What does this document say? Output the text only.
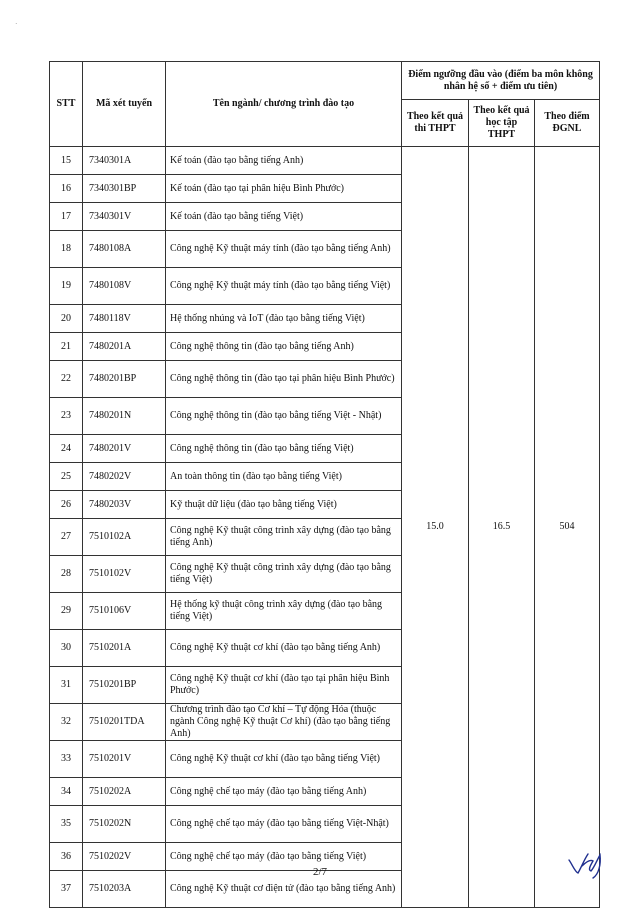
˙
STT	Mã xét tuyển	Tên ngành/ chương trình đào tạo	Điểm ngưỡng đầu vào (điểm ba môn không nhân hệ số + điểm ưu tiên)		
			Theo kết quả thi THPT	Theo kết quả học tập THPT	Theo điểm ĐGNL
15	7340301A	Kế toán (đào tạo bằng tiếng Anh)	15.0	16.5	504
16	7340301BP	Kế toán (đào tạo tại phân hiệu Bình Phước)			
17	7340301V	Kế toán (đào tạo bằng tiếng Việt)			
18	7480108A	Công nghệ Kỹ thuật máy tính (đào tạo bằng tiếng Anh)			
19	7480108V	Công nghệ Kỹ thuật máy tính (đào tạo bằng tiếng Việt)			
20	7480118V	Hệ thống nhúng và IoT (đào tạo bằng tiếng Việt)			
21	7480201A	Công nghệ thông tin (đào tạo bằng tiếng Anh)			
22	7480201BP	Công nghệ thông tin (đào tạo tại phân hiệu Bình Phước)			
23	7480201N	Công nghệ thông tin (đào tạo bằng tiếng Việt - Nhật)			
24	7480201V	Công nghệ thông tin (đào tạo bằng tiếng Việt)			
25	7480202V	An toàn thông tin (đào tạo bằng tiếng Việt)			
26	7480203V	Kỹ thuật dữ liệu (đào tạo bằng tiếng Việt)			
27	7510102A	Công nghệ Kỹ thuật công trình xây dựng (đào tạo bằng tiếng Anh)			
28	7510102V	Công nghệ Kỹ thuật công trình xây dựng (đào tạo bằng tiếng Việt)			
29	7510106V	Hệ thống kỹ thuật công trình xây dựng (đào tạo bằng tiếng Việt)			
30	7510201A	Công nghệ Kỹ thuật cơ khí (đào tạo bằng tiếng Anh)			
31	7510201BP	Công nghệ Kỹ thuật cơ khí (đào tạo tại phân hiệu Bình Phước)			
32	7510201TDA	Chương trình đào tạo Cơ khí – Tự động Hóa (thuộc ngành Công nghệ Kỹ thuật Cơ khí) (đào tạo bằng tiếng Anh)			
33	7510201V	Công nghệ Kỹ thuật cơ khí (đào tạo bằng tiếng Việt)			
34	7510202A	Công nghệ chế tạo máy (đào tạo bằng tiếng Anh)			
35	7510202N	Công nghệ chế tạo máy (đào tạo bằng tiếng Việt-Nhật)			
36	7510202V	Công nghệ chế tạo máy (đào tạo bằng tiếng Việt)			
37	7510203A	Công nghệ Kỹ thuật cơ điện tử (đào tạo bằng tiếng Anh)			
2/7
